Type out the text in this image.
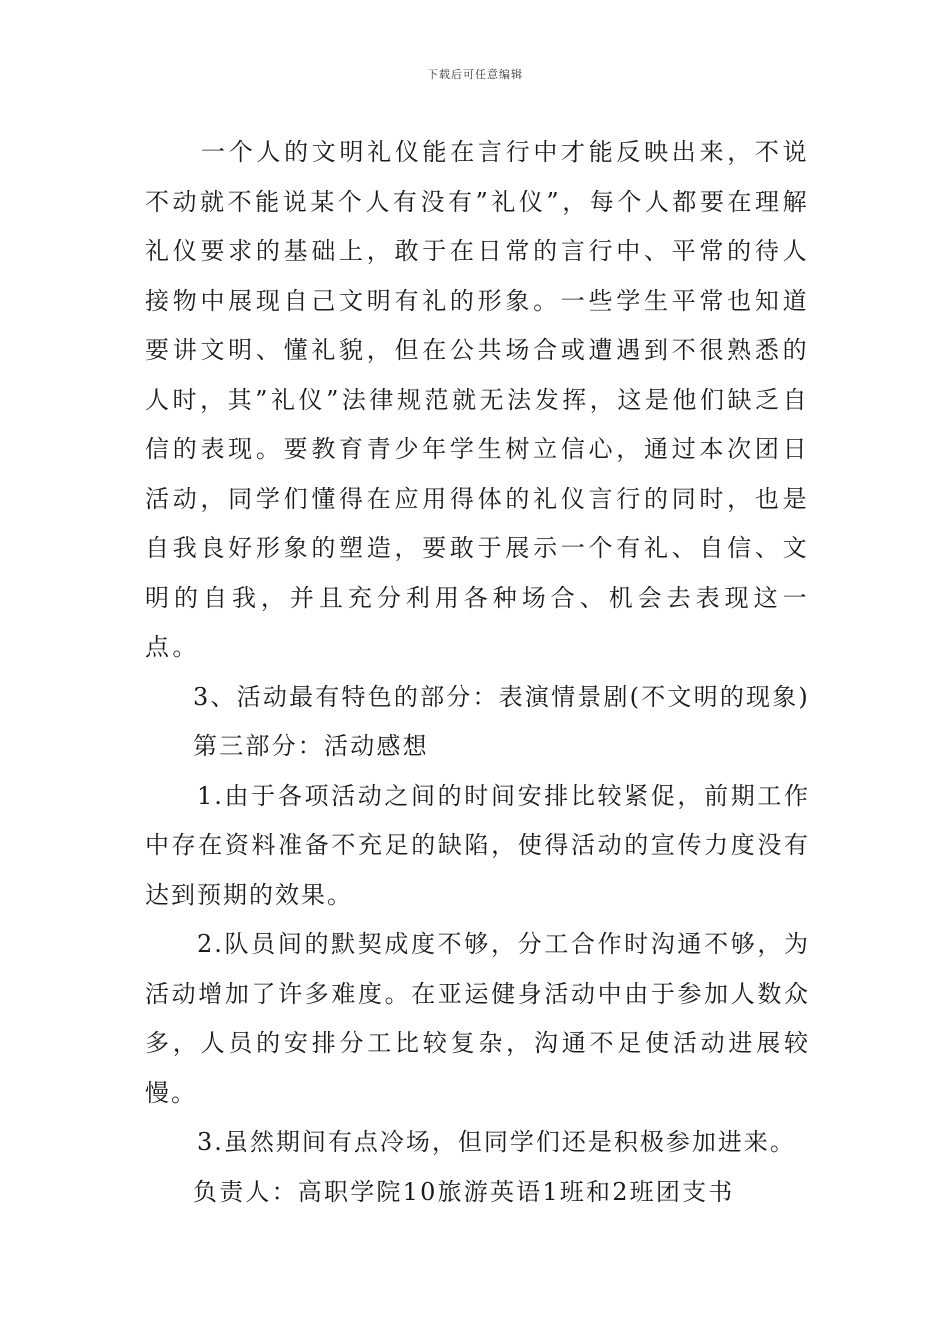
下载后可任意编辑

一个人的文明礼仪能在言行中才能反映出来，不说不动就不能说某个人有没有”礼仪”，每个人都要在理解礼仪要求的基础上，敢于在日常的言行中、平常的待人接物中展现自己文明有礼的形象。一些学生平常也知道要讲文明、懂礼貌，但在公共场合或遭遇到不很熟悉的人时，其”礼仪”法律规范就无法发挥，这是他们缺乏自信的表现。要教育青少年学生树立信心，通过本次团日活动，同学们懂得在应用得体的礼仪言行的同时，也是自我良好形象的塑造，要敢于展示一个有礼、自信、文明的自我，并且充分利用各种场合、机会去表现这一点。

3、活动最有特色的部分：表演情景剧(不文明的现象)

第三部分：活动感想

1.由于各项活动之间的时间安排比较紧促，前期工作中存在资料准备不充足的缺陷，使得活动的宣传力度没有达到预期的效果。

2.队员间的默契成度不够，分工合作时沟通不够，为活动增加了许多难度。在亚运健身活动中由于参加人数众多，人员的安排分工比较复杂，沟通不足使活动进展较慢。

3.虽然期间有点冷场，但同学们还是积极参加进来。

负责人：高职学院10旅游英语1班和2班团支书
